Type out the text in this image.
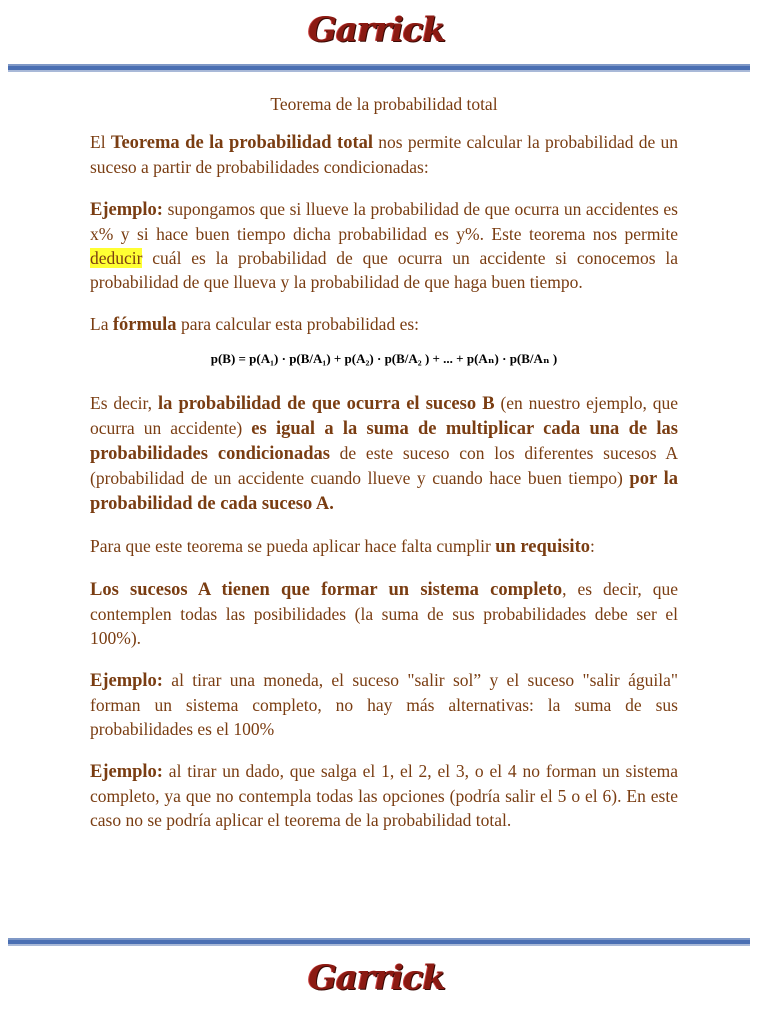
Garrick

Teorema de la probabilidad total

El Teorema de la probabilidad total nos permite calcular la probabilidad de un suceso a partir de probabilidades condicionadas:

Ejemplo: supongamos que si llueve la probabilidad de que ocurra un accidentes es x% y si hace buen tiempo dicha probabilidad es y%. Este teorema nos permite deducir cuál es la probabilidad de que ocurra un accidente si conocemos la probabilidad de que llueva y la probabilidad de que haga buen tiempo.

La fórmula para calcular esta probabilidad es:

p(B) = p(A₁) · p(B/A₁) + p(A₂) · p(B/A₂ ) + ... + p(Aₙ) · p(B/Aₙ )

Es decir, la probabilidad de que ocurra el suceso B (en nuestro ejemplo, que ocurra un accidente) es igual a la suma de multiplicar cada una de las probabilidades condicionadas de este suceso con los diferentes sucesos A (probabilidad de un accidente cuando llueve y cuando hace buen tiempo) por la probabilidad de cada suceso A.

Para que este teorema se pueda aplicar hace falta cumplir un requisito:

Los sucesos A tienen que formar un sistema completo, es decir, que contemplen todas las posibilidades (la suma de sus probabilidades debe ser el 100%).

Ejemplo: al tirar una moneda, el suceso "salir sol” y el suceso "salir águila" forman un sistema completo, no hay más alternativas: la suma de sus probabilidades es el 100%

Ejemplo: al tirar un dado, que salga el 1, el 2, el 3, o el 4 no forman un sistema completo, ya que no contempla todas las opciones (podría salir el 5 o el 6). En este caso no se podría aplicar el teorema de la probabilidad total.

Garrick
